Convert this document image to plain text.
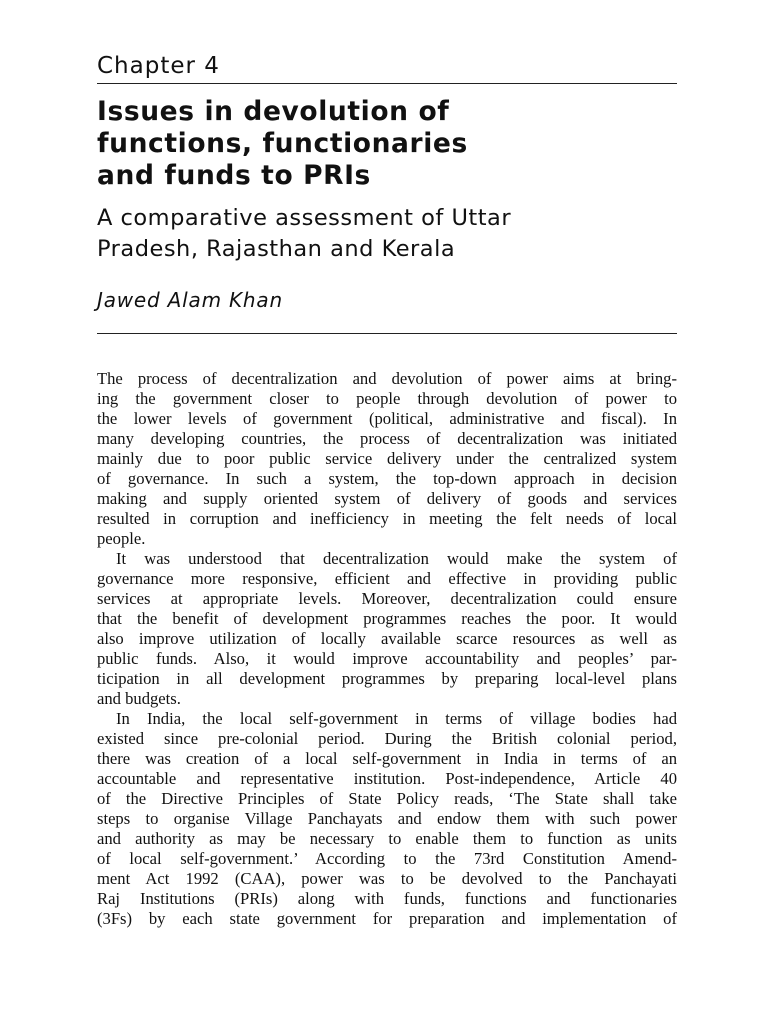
Chapter 4
Issues in devolution of
functions, functionaries
and funds to PRIs
A comparative assessment of Uttar
Pradesh, Rajasthan and Kerala
Jawed Alam Khan

The process of decentralization and devolution of power aims at bring-
ing the government closer to people through devolution of power to
the lower levels of government (political, administrative and fiscal). In
many developing countries, the process of decentralization was initiated
mainly due to poor public service delivery under the centralized system
of governance. In such a system, the top-down approach in decision
making and supply oriented system of delivery of goods and services
resulted in corruption and inefficiency in meeting the felt needs of local
people.

It was understood that decentralization would make the system of
governance more responsive, efficient and effective in providing public
services at appropriate levels. Moreover, decentralization could ensure
that the benefit of development programmes reaches the poor. It would
also improve utilization of locally available scarce resources as well as
public funds. Also, it would improve accountability and peoples’ par-
ticipation in all development programmes by preparing local-level plans
and budgets.

In India, the local self-government in terms of village bodies had
existed since pre-colonial period. During the British colonial period,
there was creation of a local self-government in India in terms of an
accountable and representative institution. Post-independence, Article 40
of the Directive Principles of State Policy reads, ‘The State shall take
steps to organise Village Panchayats and endow them with such power
and authority as may be necessary to enable them to function as units
of local self-government.’ According to the 73rd Constitution Amend-
ment Act 1992 (CAA), power was to be devolved to the Panchayati
Raj Institutions (PRIs) along with funds, functions and functionaries
(3Fs) by each state government for preparation and implementation of
